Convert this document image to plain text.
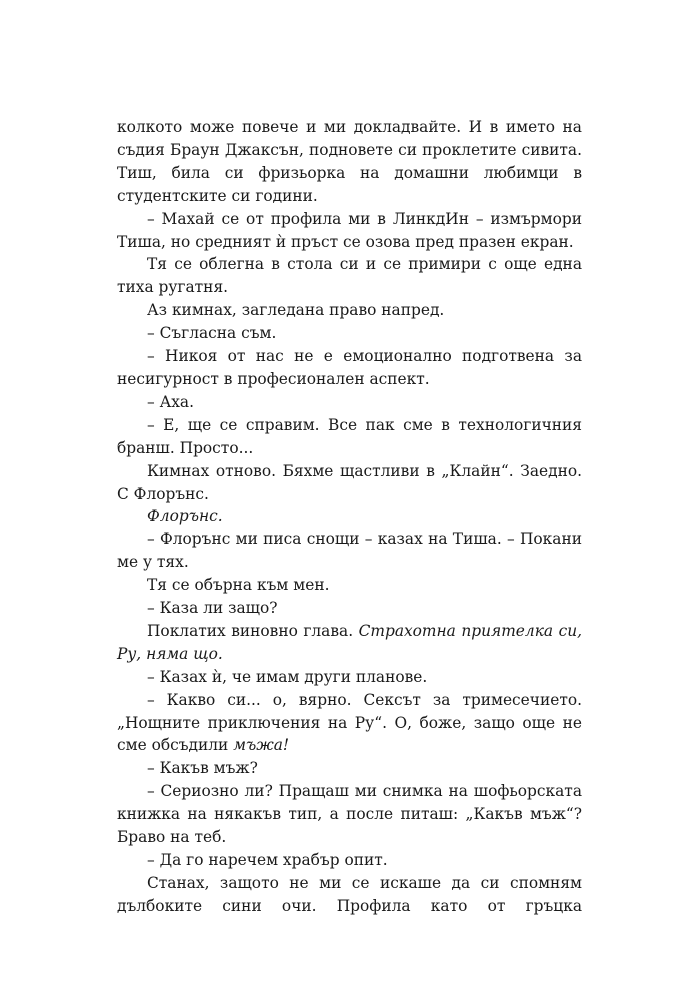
колкото може повече и ми докладвайте. И в името на съдия Браун Джаксън, подновете си проклетите сивита. Тиш, била си фризьорка на домашни любимци в студентските си години.

– Махай се от профила ми в ЛинкдИн – измърмори Тиша, но средният ѝ пръст се озова пред празен екран.

Тя се облегна в стола си и се примири с още една тиха ругатня.

Аз кимнах, загледана право напред.

– Съгласна съм.

– Никоя от нас не е емоционално подготвена за несигурност в професионален аспект.

– Аха.

– Е, ще се справим. Все пак сме в технологичния бранш. Просто...

Кимнах отново. Бяхме щастливи в „Клайн“. Заедно. С Флорънс.

Флорънс.

– Флорънс ми писа снощи – казах на Тиша. – Покани ме у тях.

Тя се обърна към мен.

– Каза ли защо?

Поклатих виновно глава. Страхотна приятелка си, Ру, няма що.

– Казах ѝ, че имам други планове.

– Какво си... о, вярно. Сексът за тримесечието. „Нощните приключения на Ру“. О, боже, защо още не сме обсъдили мъжа!

– Какъв мъж?

– Сериозно ли? Пращаш ми снимка на шофьорската книжка на някакъв тип, а после питаш: „Какъв мъж“? Браво на теб.

– Да го наречем храбър опит.

Станах, защото не ми се искаше да си спомням дълбоките сини очи. Профила като от гръцка
